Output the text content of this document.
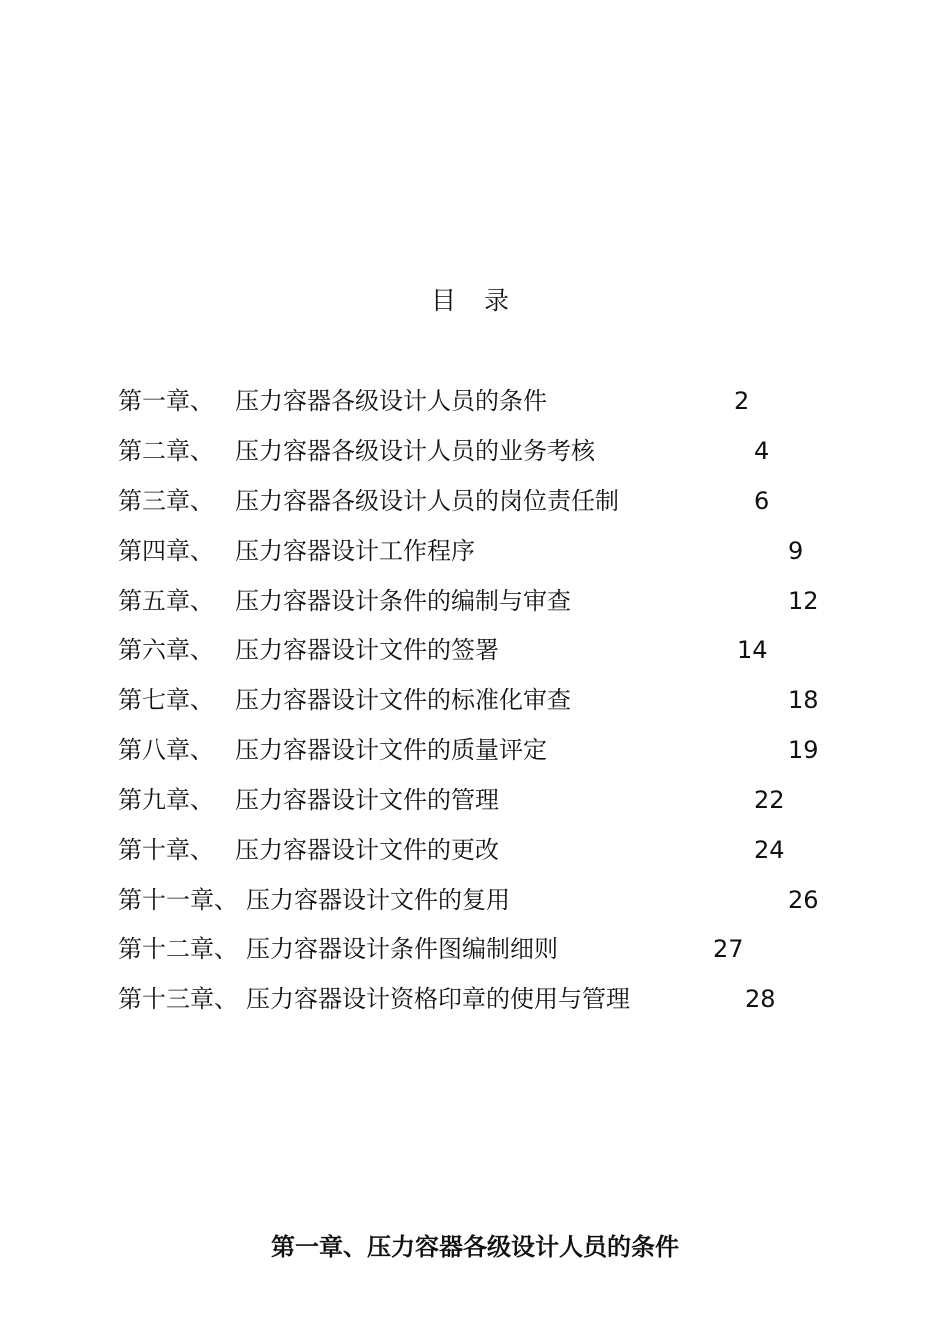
目 录
第一章、 压力容器各级设计人员的条件	2
第二章、 压力容器各级设计人员的业务考核	4
第三章、 压力容器各级设计人员的岗位责任制	6
第四章、 压力容器设计工作程序	9
第五章、 压力容器设计条件的编制与审查	12
第六章、 压力容器设计文件的签署	14
第七章、 压力容器设计文件的标准化审查	18
第八章、 压力容器设计文件的质量评定	19
第九章、 压力容器设计文件的管理	22
第十章、 压力容器设计文件的更改	24
第十一章、 压力容器设计文件的复用	26
第十二章、 压力容器设计条件图编制细则	27
第十三章、 压力容器设计资格印章的使用与管理	28
第一章、压力容器各级设计人员的条件
